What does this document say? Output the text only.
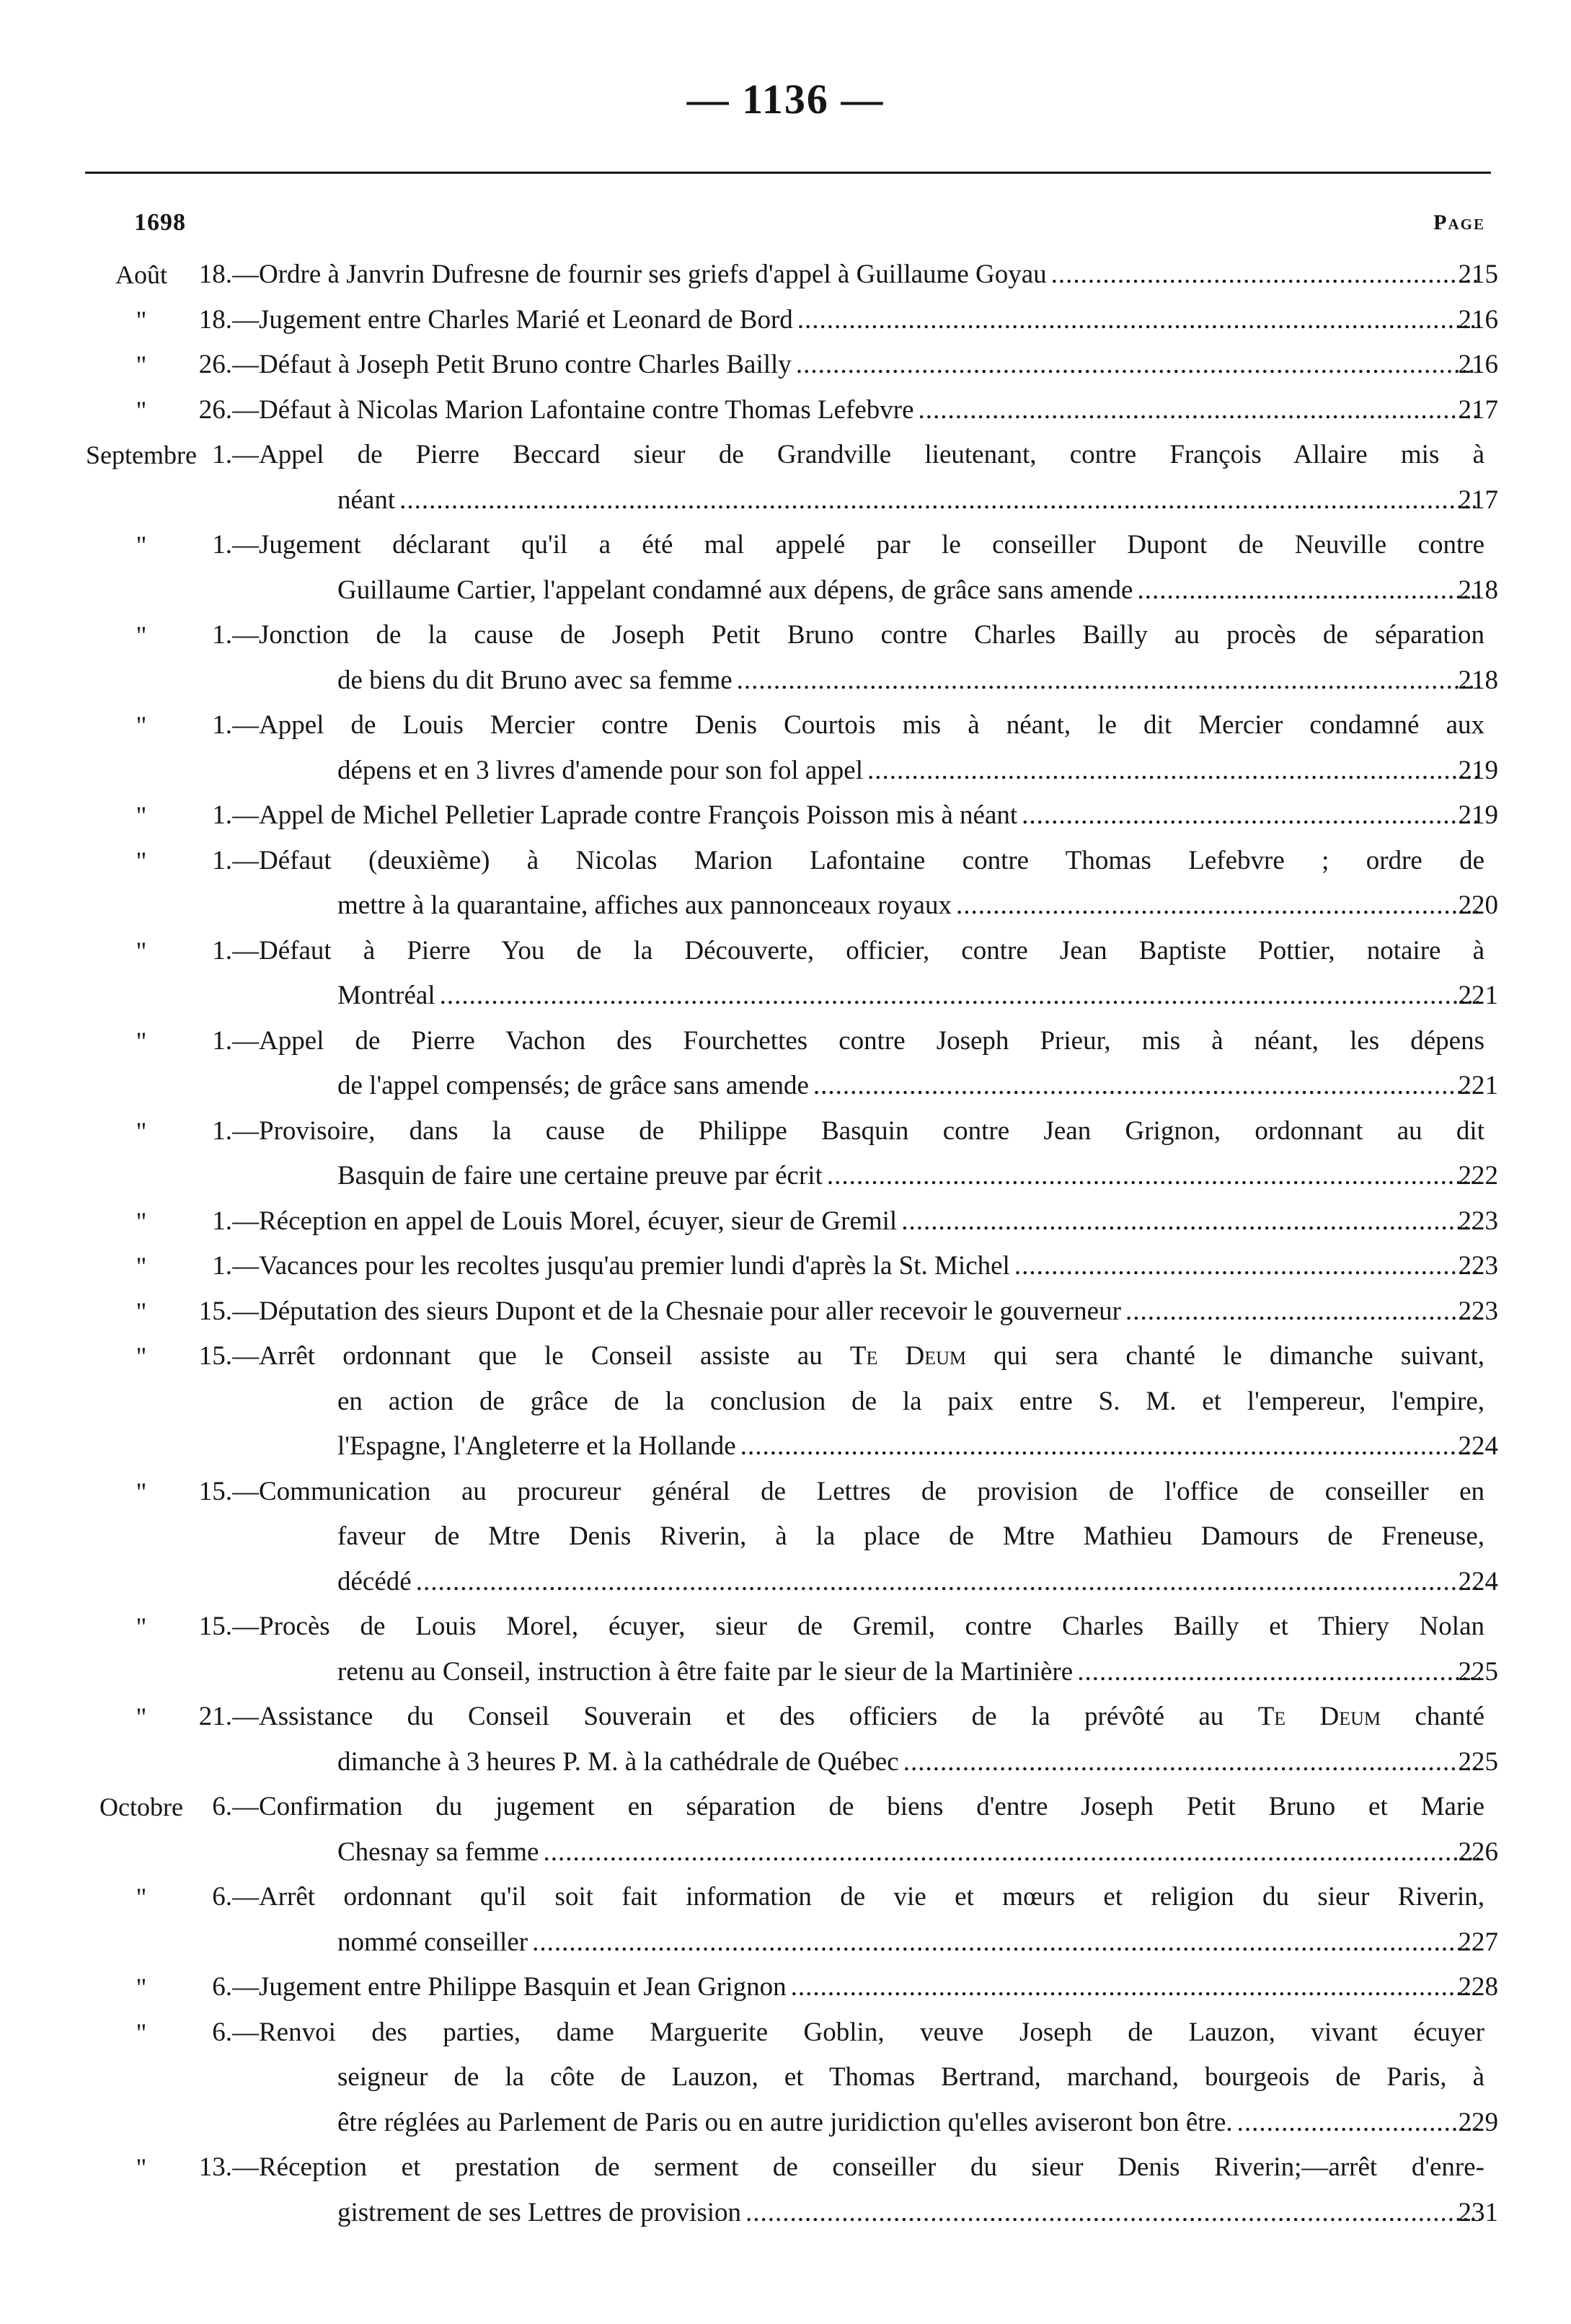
— 1136 —
1698	Page
Août	18. —Ordre à Janvrin Dufresne de fournir ses griefs d'appel à Guillaume Goyau .....	215
"	18. —Jugement entre Charles Marié et Leonard de Bord .....	216
"	26. —Défaut à Joseph Petit Bruno contre Charles Bailly .....	216
"	26. —Défaut à Nicolas Marion Lafontaine contre Thomas Lefebvre .....	217
Septembre 1. —Appel de Pierre Beccard sieur de Grandville lieutenant, contre François Allaire mis à
néant .....	217
"	1. —Jugement déclarant qu'il a été mal appelé par le conseiller Dupont de Neuville contre
Guillaume Cartier, l'appelant condamné aux dépens, de grâce sans amende .....	218
"	1. —Jonction de la cause de Joseph Petit Bruno contre Charles Bailly au procès de séparation
de biens du dit Bruno avec sa femme .....	218
"	1. —Appel de Louis Mercier contre Denis Courtois mis à néant, le dit Mercier condamné aux
dépens et en 3 livres d'amende pour son fol appel .....	219
"	1. —Appel de Michel Pelletier Laprade contre François Poisson mis à néant .....	219
"	1. —Défaut (deuxième) à Nicolas Marion Lafontaine contre Thomas Lefebvre ; ordre de
mettre à la quarantaine, affiches aux pannonceaux royaux .....	220
"	1. —Défaut à Pierre You de la Découverte, officier, contre Jean Baptiste Pottier, notaire à
Montréal .....	221
"	1. —Appel de Pierre Vachon des Fourchettes contre Joseph Prieur, mis à néant, les dépens
de l'appel compensés; de grâce sans amende .....	221
"	1. —Provisoire, dans la cause de Philippe Basquin contre Jean Grignon, ordonnant au dit
Basquin de faire une certaine preuve par écrit .....	222
"	1. —Réception en appel de Louis Morel, écuyer, sieur de Gremil .....	223
"	1. —Vacances pour les recoltes jusqu'au premier lundi d'après la St. Michel .....	223
"	15. —Députation des sieurs Dupont et de la Chesnaie pour aller recevoir le gouverneur .....	223
"	15. —Arrêt ordonnant que le Conseil assiste au Te Deum qui sera chanté le dimanche suivant,
en action de grâce de la conclusion de la paix entre S. M. et l'empereur, l'empire,
l'Espagne, l'Angleterre et la Hollande .....	224
"	15. —Communication au procureur général de Lettres de provision de l'office de conseiller en
faveur de Mtre Denis Riverin, à la place de Mtre Mathieu Damours de Freneuse,
décédé .....	224
"	15. —Procès de Louis Morel, écuyer, sieur de Gremil, contre Charles Bailly et Thiery Nolan
retenu au Conseil, instruction à être faite par le sieur de la Martinière .....	225
"	21. —Assistance du Conseil Souverain et des officiers de la prévôté au Te Deum chanté
dimanche à 3 heures P. M. à la cathédrale de Québec .....	225
Octobre	6. —Confirmation du jugement en séparation de biens d'entre Joseph Petit Bruno et Marie
Chesnay sa femme .....	226
"	6. —Arrêt ordonnant qu'il soit fait information de vie et mœurs et religion du sieur Riverin,
nommé conseiller .....	227
"	6. —Jugement entre Philippe Basquin et Jean Grignon .....	228
"	6. —Renvoi des parties, dame Marguerite Goblin, veuve Joseph de Lauzon, vivant écuyer
seigneur de la côte de Lauzon, et Thomas Bertrand, marchand, bourgeois de Paris, à
être réglées au Parlement de Paris ou en autre juridiction qu'elles aviseront bon être. .....	229
"	13. —Réception et prestation de serment de conseiller du sieur Denis Riverin;—arrêt d'enre-
gistrement de ses Lettres de provision .....	231
